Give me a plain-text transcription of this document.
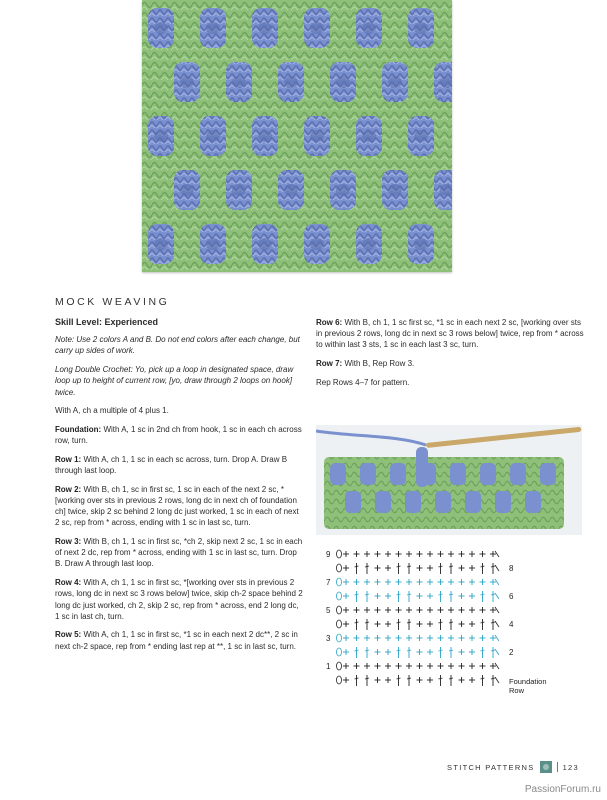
MOCK WEAVING

Skill Level: Experienced

Note: Use 2 colors A and B. Do not end colors after each change, but carry up sides of work.

Long Double Crochet: Yo, pick up a loop in designated space, draw loop up to height of current row, [yo, draw through 2 loops on hook] twice.

With A, ch a multiple of 4 plus 1.

Foundation: With A, 1 sc in 2nd ch from hook, 1 sc in each ch across row, turn.

Row 1: With A, ch 1, 1 sc in each sc across, turn. Drop A. Draw B through last loop.

Row 2: With B, ch 1, sc in first sc, 1 sc in each of the next 2 sc, *[working over sts in previous 2 rows, long dc in next ch of foundation ch] twice, skip 2 sc behind 2 long dc just worked, 1 sc in each of next 2 sc, rep from * across, ending with 1 sc in last sc, turn.

Row 3: With B, ch 1, 1 sc in first sc, *ch 2, skip next 2 sc, 1 sc in each of next 2 dc, rep from * across, ending with 1 sc in last sc, turn. Drop B. Draw A through last loop.

Row 4: With A, ch 1, 1 sc in first sc, *[working over sts in previous 2 rows, long dc in next sc 3 rows below] twice, skip ch-2 space behind 2 long dc just worked, ch 2, skip 2 sc, rep from * across, end 2 long dc, 1 sc in last ch, turn.

Row 5: With A, ch 1, 1 sc in first sc, *1 sc in each next 2 dc**, 2 sc in next ch-2 space, rep from * ending last rep at **, 1 sc in last sc, turn.

Row 6: With B, ch 1, 1 sc first sc, *1 sc in each next 2 sc, [working over sts in previous 2 rows, long dc in next sc 3 rows below] twice, rep from * across to within last 3 sts, 1 sc in each last 3 sc, turn.

Row 7: With B, Rep Row 3.

Rep Rows 4–7 for pattern.

9
7
5
3
1
8
6
4
2
Foundation
Row
STITCH PATTERNS	123
PassionForum.ru
